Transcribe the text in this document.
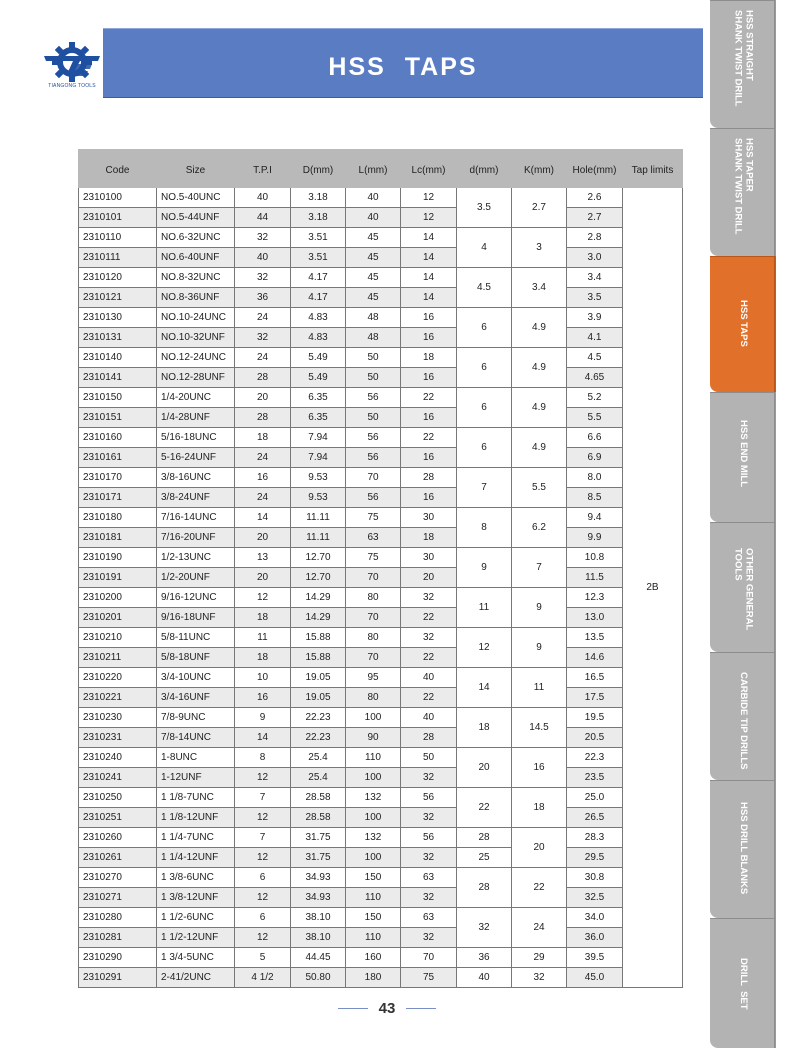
TIANGONG TOOLS
HSS TAPS
HSS STRAIGHT
SHANK TWIST DRILL
HSS TAPER
SHANK TWIST DRILL
HSS TAPS
HSS END MILL
OTHER GENERAL
TOOLS
CARBIDE TIP DRILLS
HSS DRILL BLANKS
DRILL  SET
Code	Size	T.P.I	D(mm)	L(mm)	Lc(mm)	d(mm)	K(mm)	Hole(mm)	Tap limits
2310100	NO.5-40UNC	40	3.18	40	12	3.5	2.7	2.6	2B
2310101	NO.5-44UNF	44	3.18	40	12			2.7	
2310110	NO.6-32UNC	32	3.51	45	14	4	3	2.8	
2310111	NO.6-40UNF	40	3.51	45	14			3.0	
2310120	NO.8-32UNC	32	4.17	45	14	4.5	3.4	3.4	
2310121	NO.8-36UNF	36	4.17	45	14			3.5	
2310130	NO.10-24UNC	24	4.83	48	16	6	4.9	3.9	
2310131	NO.10-32UNF	32	4.83	48	16			4.1	
2310140	NO.12-24UNC	24	5.49	50	18	6	4.9	4.5	
2310141	NO.12-28UNF	28	5.49	50	16			4.65	
2310150	1/4-20UNC	20	6.35	56	22	6	4.9	5.2	
2310151	1/4-28UNF	28	6.35	50	16			5.5	
2310160	5/16-18UNC	18	7.94	56	22	6	4.9	6.6	
2310161	5-16-24UNF	24	7.94	56	16			6.9	
2310170	3/8-16UNC	16	9.53	70	28	7	5.5	8.0	
2310171	3/8-24UNF	24	9.53	56	16			8.5	
2310180	7/16-14UNC	14	11.11	75	30	8	6.2	9.4	
2310181	7/16-20UNF	20	11.11	63	18			9.9	
2310190	1/2-13UNC	13	12.70	75	30	9	7	10.8	
2310191	1/2-20UNF	20	12.70	70	20			11.5	
2310200	9/16-12UNC	12	14.29	80	32	11	9	12.3	
2310201	9/16-18UNF	18	14.29	70	22			13.0	
2310210	5/8-11UNC	11	15.88	80	32	12	9	13.5	
2310211	5/8-18UNF	18	15.88	70	22			14.6	
2310220	3/4-10UNC	10	19.05	95	40	14	11	16.5	
2310221	3/4-16UNF	16	19.05	80	22			17.5	
2310230	7/8-9UNC	9	22.23	100	40	18	14.5	19.5	
2310231	7/8-14UNC	14	22.23	90	28			20.5	
2310240	1-8UNC	8	25.4	110	50	20	16	22.3	
2310241	1-12UNF	12	25.4	100	32			23.5	
2310250	1 1/8-7UNC	7	28.58	132	56	22	18	25.0	
2310251	1 1/8-12UNF	12	28.58	100	32			26.5	
2310260	1 1/4-7UNC	7	31.75	132	56	28	20	28.3	
2310261	1 1/4-12UNF	12	31.75	100	32	25		29.5	
2310270	1 3/8-6UNC	6	34.93	150	63	28	22	30.8	
2310271	1 3/8-12UNF	12	34.93	110	32			32.5	
2310280	1 1/2-6UNC	6	38.10	150	63	32	24	34.0	
2310281	1 1/2-12UNF	12	38.10	110	32			36.0	
2310290	1 3/4-5UNC	5	44.45	160	70	36	29	39.5	
2310291	2-41/2UNC	4 1/2	50.80	180	75	40	32	45.0	
43
